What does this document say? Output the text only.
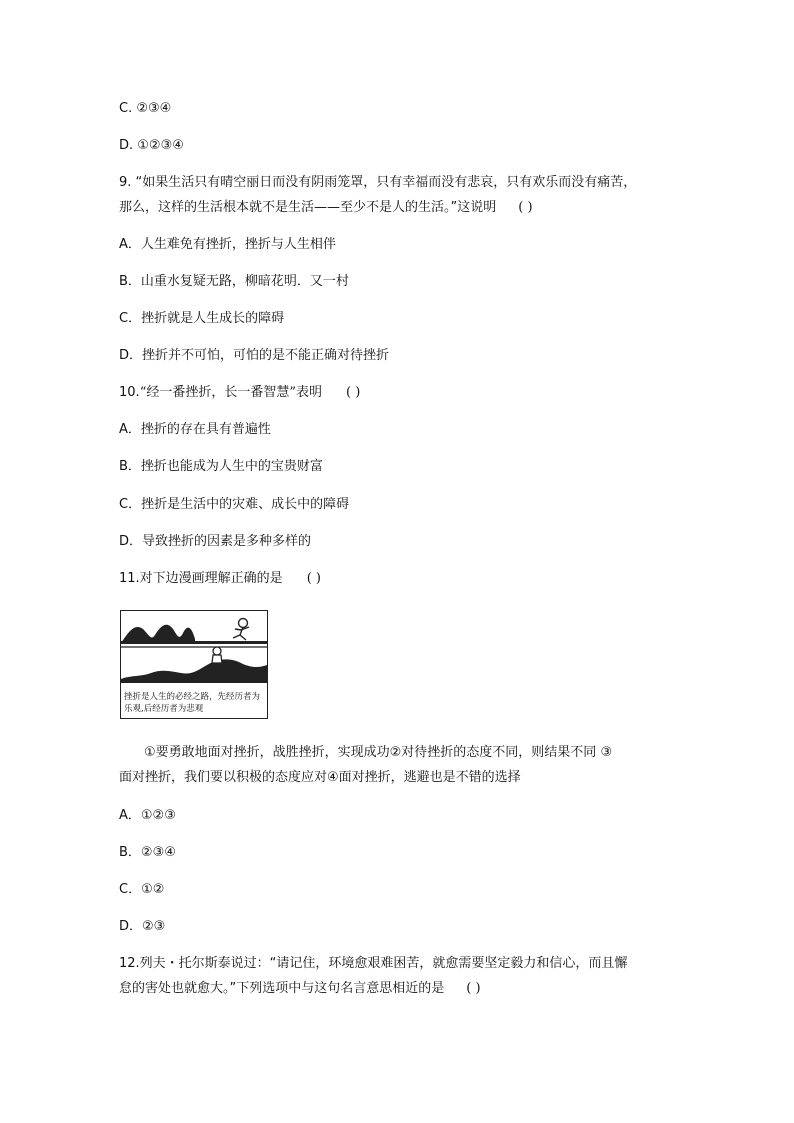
C. ②③④
D. ①②③④
9. “如果生活只有晴空丽日而没有阴雨笼罩，只有幸福而没有悲哀，只有欢乐而没有痛苦，
那么，这样的生活根本就不是生活——至少不是人的生活。”这说明 ( )
A．人生难免有挫折，挫折与人生相伴
B．山重水复疑无路，柳暗花明．又一村
C．挫折就是人生成长的障碍
D．挫折并不可怕，可怕的是不能正确对待挫折
10.“经一番挫折，长一番智慧”表明 ( )
A．挫折的存在具有普遍性
B．挫折也能成为人生中的宝贵财富
C．挫折是生活中的灾难、成长中的障碍
D．导致挫折的因素是多种多样的
11.对下边漫画理解正确的是 ( )
挫折是人生的必经之路，先经历者为乐观,后经历者为悲观
①要勇敢地面对挫折，战胜挫折，实现成功②对待挫折的态度不同，则结果不同 ③
面对挫折，我们要以积极的态度应对④面对挫折，逃避也是不错的选择
A．①②③
B．②③④
C．①②
D．②③
12.列夫・托尔斯泰说过：“请记住，环境愈艰难困苦，就愈需要坚定毅力和信心，而且懈
怠的害处也就愈大。”下列选项中与这句名言意思相近的是 ( )
